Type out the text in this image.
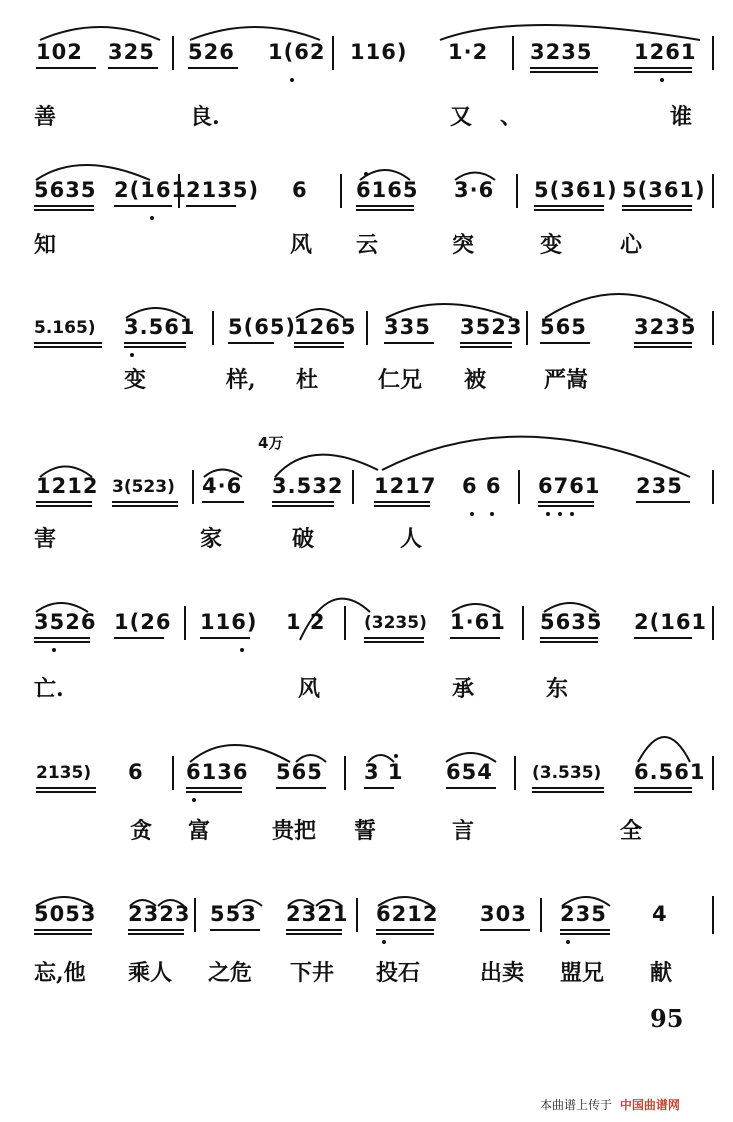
102 325 526 1(62 116) 1·2 3235 1261
善	良.	又 、	谁
5635 2(161
2135) 6 6165 3·6 5(361) 5(361)
知	风 云	突	变	心
5.165) 3.561 5(65)
1265 335 3523 565 3235
变	样, 杜	仁兄 被	严嵩
4万
1212 3(523) 4·6 3.532 1217 6 6 6761 235
害	家	破	人
3526 1(26 116) 1 2 (3235) 1·61 5635 2(161
亡.	风	承	东
2135) 6 6136 565 3 1 654 (3.535) 6.561
贪 富	贵把 誓	言	全
5053 2323 553 2321 6212 303 235 4
忘,他 乘人 之危 下井 投石	出卖 盟兄 献
95
本曲谱上传于 中国曲谱网
